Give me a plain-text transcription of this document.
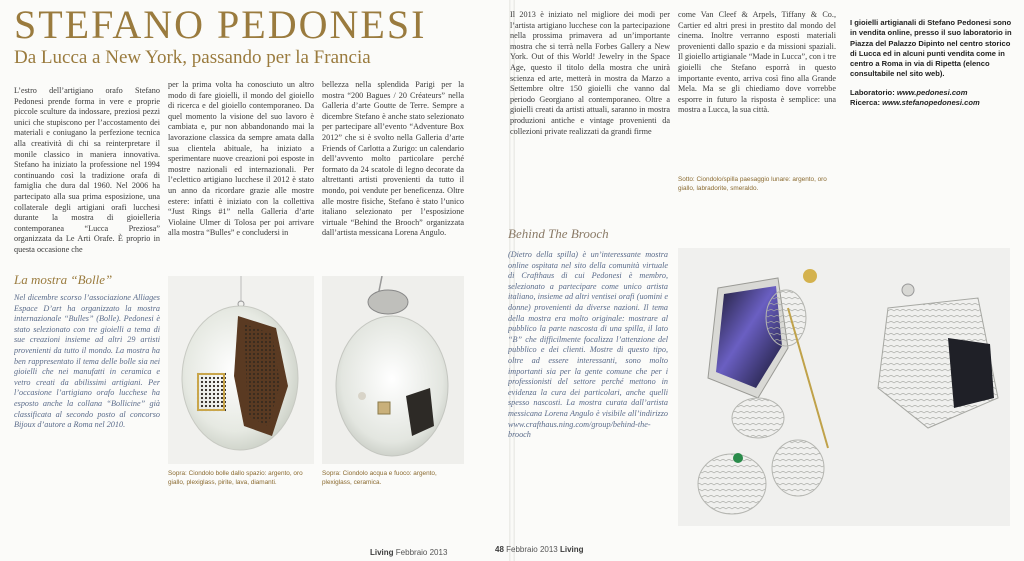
STEFANO PEDONESI
Da Lucca a New York, passando per la Francia

L’estro dell’artigiano orafo Stefano Pedonesi prende forma in vere e proprie piccole sculture da indossare, preziosi pezzi unici che stupiscono per l’accostamento dei materiali e coniugano la perfezione tecnica alla creatività di chi sa reinterpretare il monile classico in maniera innovativa. Stefano ha iniziato la professione nel 1994 continuando così la tradizione orafa di famiglia che dura dal 1960. Nel 2006 ha partecipato alla sua prima esposizione, una collaterale degli artigiani orafi lucchesi durante la mostra di gioielleria contemporanea “Lucca Preziosa” organizzata da Le Arti Orafe. È proprio in questa occasione che

per la prima volta ha conosciuto un altro modo di fare gioielli, il mondo del gioiello di ricerca e del gioiello contemporaneo. Da quel momento la visione del suo lavoro è cambiata e, pur non abbandonando mai la lavorazione classica da sempre amata dalla sua clientela abituale, ha iniziato a sperimentare nuove creazioni poi esposte in mostre nazionali ed internazionali. Per l’eclettico artigiano lucchese il 2012 è stato un anno da ricordare grazie alle mostre estere: infatti è iniziato con la collettiva “Just Rings #1” nella Galleria d’arte Violaine Ulmer di Tolosa per poi arrivare alla mostra “Bulles” e concludersi in

bellezza nella splendida Parigi per la mostra “200 Bagues / 20 Créateurs” nella Galleria d’arte Goutte de Terre. Sempre a dicembre Stefano è anche stato selezionato per partecipare all’evento “Adventure Box 2012” che si è svolto nella Galleria d’arte Friends of Carlotta a Zurigo: un calendario dell’avvento molto particolare perché formato da 24 scatole di legno decorate da altrettanti artisti provenienti da tutto il mondo, poi vendute per beneficenza. Oltre alle mostre fisiche, Stefano è stato l’unico italiano selezionato per l’esposizione virtuale “Behind the Brooch” organizzata dall’artista messicana Lorena Angulo.

La mostra “Bolle”

Nel dicembre scorso l’associazione Alliages Espace D’art ha organizzato la mostra internazionale “Bulles” (Bolle). Pedonesi è stato selezionato con tre gioielli a tema di sue creazioni insieme ad altri 29 artisti provenienti da tutto il mondo. La mostra ha ben rappresentato il tema delle bolle sia nei gioielli che nei manufatti in ceramica e vetro creati da abilissimi artigiani. Per l’occasione l’artigiano orafo lucchese ha esposto anche la collana “Bollicine” già classificata al secondo posto al concorso Bijoux d’autore a Roma nel 2010.

Sopra: Ciondolo bolle dallo spazio: argento, oro giallo, plexiglass, pirite, lava, diamanti.
Sopra: Ciondolo acqua e fuoco: argento, plexiglass, ceramica.
Living Febbraio 2013

Il 2013 è iniziato nel migliore dei modi per l’artista artigiano lucchese con la partecipazione nella prossima primavera ad un’importante mostra che si terrà nella Forbes Gallery a New York. Out of this World! Jewelry in the Space Age, questo il titolo della mostra che unirà scienza ed arte, metterà in mostra da Marzo a Settembre oltre 150 gioielli che vanno dal periodo Georgiano al contemporaneo. Oltre a gioielli creati da artisti attuali, saranno in mostra produzioni antiche e vintage provenienti da collezioni private realizzati da grandi firme

come Van Cleef & Arpels, Tiffany & Co., Cartier ed altri presi in prestito dal mondo del cinema. Inoltre verranno esposti materiali provenienti dallo spazio e da missioni spaziali. Il gioiello artigianale “Made in Lucca”, con i tre gioielli che Stefano esporrà in questo importante evento, arriva così fino alla Grande Mela. Ma se gli chiediamo dove vorrebbe esporre in futuro la risposta è semplice: una mostra a Lucca, la sua città.

Sotto: Ciondolo/spilla paesaggio lunare: argento, oro giallo, labradorite, smeraldo.
Behind The Brooch

(Dietro della spilla) è un’interessante mostra online ospitata nel sito della comunità virtuale di Crafthaus di cui Pedonesi è membro, selezionato a partecipare come unico artista italiano, insieme ad altri ventisei orafi (uomini e donne) provenienti da diverse nazioni. Il tema della mostra era molto originale: mostrare al pubblico la parte nascosta di una spilla, il lato “B” che difficilmente focalizza l’attenzione del pubblico e dei clienti. Mostre di questo tipo, oltre ad essere interessanti, sono molto importanti sia per la gente comune che per i professionisti del settore perché mettono in evidenza la cura dei particolari, anche quelli spesso nascosti. La mostra curata dall’artista messicana Lorena Angulo è visibile all’indirizzo www.crafthaus.ning.com/group/behind-the-brooch

I gioielli artigianali di Stefano Pedonesi sono in vendita online, presso il suo laboratorio in Piazza del Palazzo Dipinto nel centro storico di Lucca ed in alcuni punti vendita come in centro a Roma in via di Ripetta (elenco consultabile nel sito web).

Laboratorio: www.pedonesi.com

Ricerca: www.stefanopedonesi.com

48 Febbraio 2013 Living
